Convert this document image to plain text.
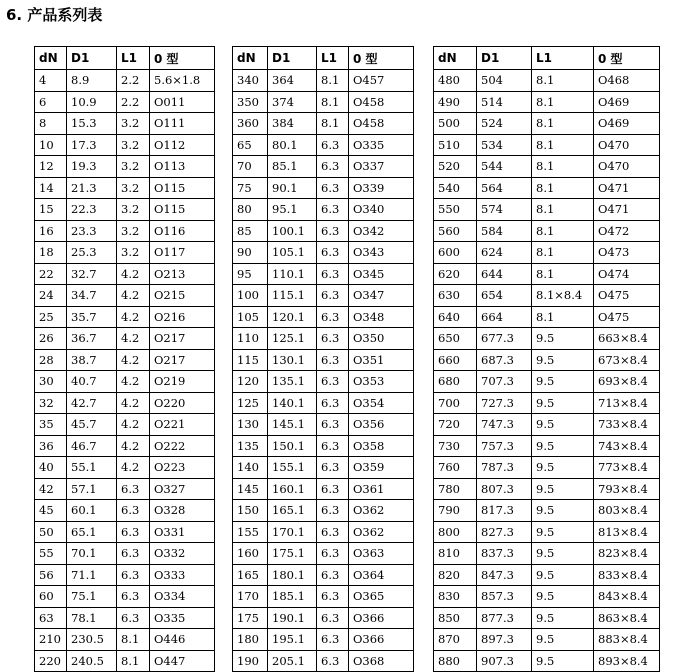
6. 产品系列表
dN	D1	L1	0 型
4	8.9	2.2	5.6×1.8
6	10.9	2.2	O011
8	15.3	3.2	O111
10	17.3	3.2	O112
12	19.3	3.2	O113
14	21.3	3.2	O115
15	22.3	3.2	O115
16	23.3	3.2	O116
18	25.3	3.2	O117
22	32.7	4.2	O213
24	34.7	4.2	O215
25	35.7	4.2	O216
26	36.7	4.2	O217
28	38.7	4.2	O217
30	40.7	4.2	O219
32	42.7	4.2	O220
35	45.7	4.2	O221
36	46.7	4.2	O222
40	55.1	4.2	O223
42	57.1	6.3	O327
45	60.1	6.3	O328
50	65.1	6.3	O331
55	70.1	6.3	O332
56	71.1	6.3	O333
60	75.1	6.3	O334
63	78.1	6.3	O335
210	230.5	8.1	O446
220	240.5	8.1	O447
dN	D1	L1	0 型
340	364	8.1	O457
350	374	8.1	O458
360	384	8.1	O458
65	80.1	6.3	O335
70	85.1	6.3	O337
75	90.1	6.3	O339
80	95.1	6.3	O340
85	100.1	6.3	O342
90	105.1	6.3	O343
95	110.1	6.3	O345
100	115.1	6.3	O347
105	120.1	6.3	O348
110	125.1	6.3	O350
115	130.1	6.3	O351
120	135.1	6.3	O353
125	140.1	6.3	O354
130	145.1	6.3	O356
135	150.1	6.3	O358
140	155.1	6.3	O359
145	160.1	6.3	O361
150	165.1	6.3	O362
155	170.1	6.3	O362
160	175.1	6.3	O363
165	180.1	6.3	O364
170	185.1	6.3	O365
175	190.1	6.3	O366
180	195.1	6.3	O366
190	205.1	6.3	O368
dN	D1	L1	0 型
480	504	8.1	O468
490	514	8.1	O469
500	524	8.1	O469
510	534	8.1	O470
520	544	8.1	O470
540	564	8.1	O471
550	574	8.1	O471
560	584	8.1	O472
600	624	8.1	O473
620	644	8.1	O474
630	654	8.1×8.4	O475
640	664	8.1	O475
650	677.3	9.5	663×8.4
660	687.3	9.5	673×8.4
680	707.3	9.5	693×8.4
700	727.3	9.5	713×8.4
720	747.3	9.5	733×8.4
730	757.3	9.5	743×8.4
760	787.3	9.5	773×8.4
780	807.3	9.5	793×8.4
790	817.3	9.5	803×8.4
800	827.3	9.5	813×8.4
810	837.3	9.5	823×8.4
820	847.3	9.5	833×8.4
830	857.3	9.5	843×8.4
850	877.3	9.5	863×8.4
870	897.3	9.5	883×8.4
880	907.3	9.5	893×8.4
